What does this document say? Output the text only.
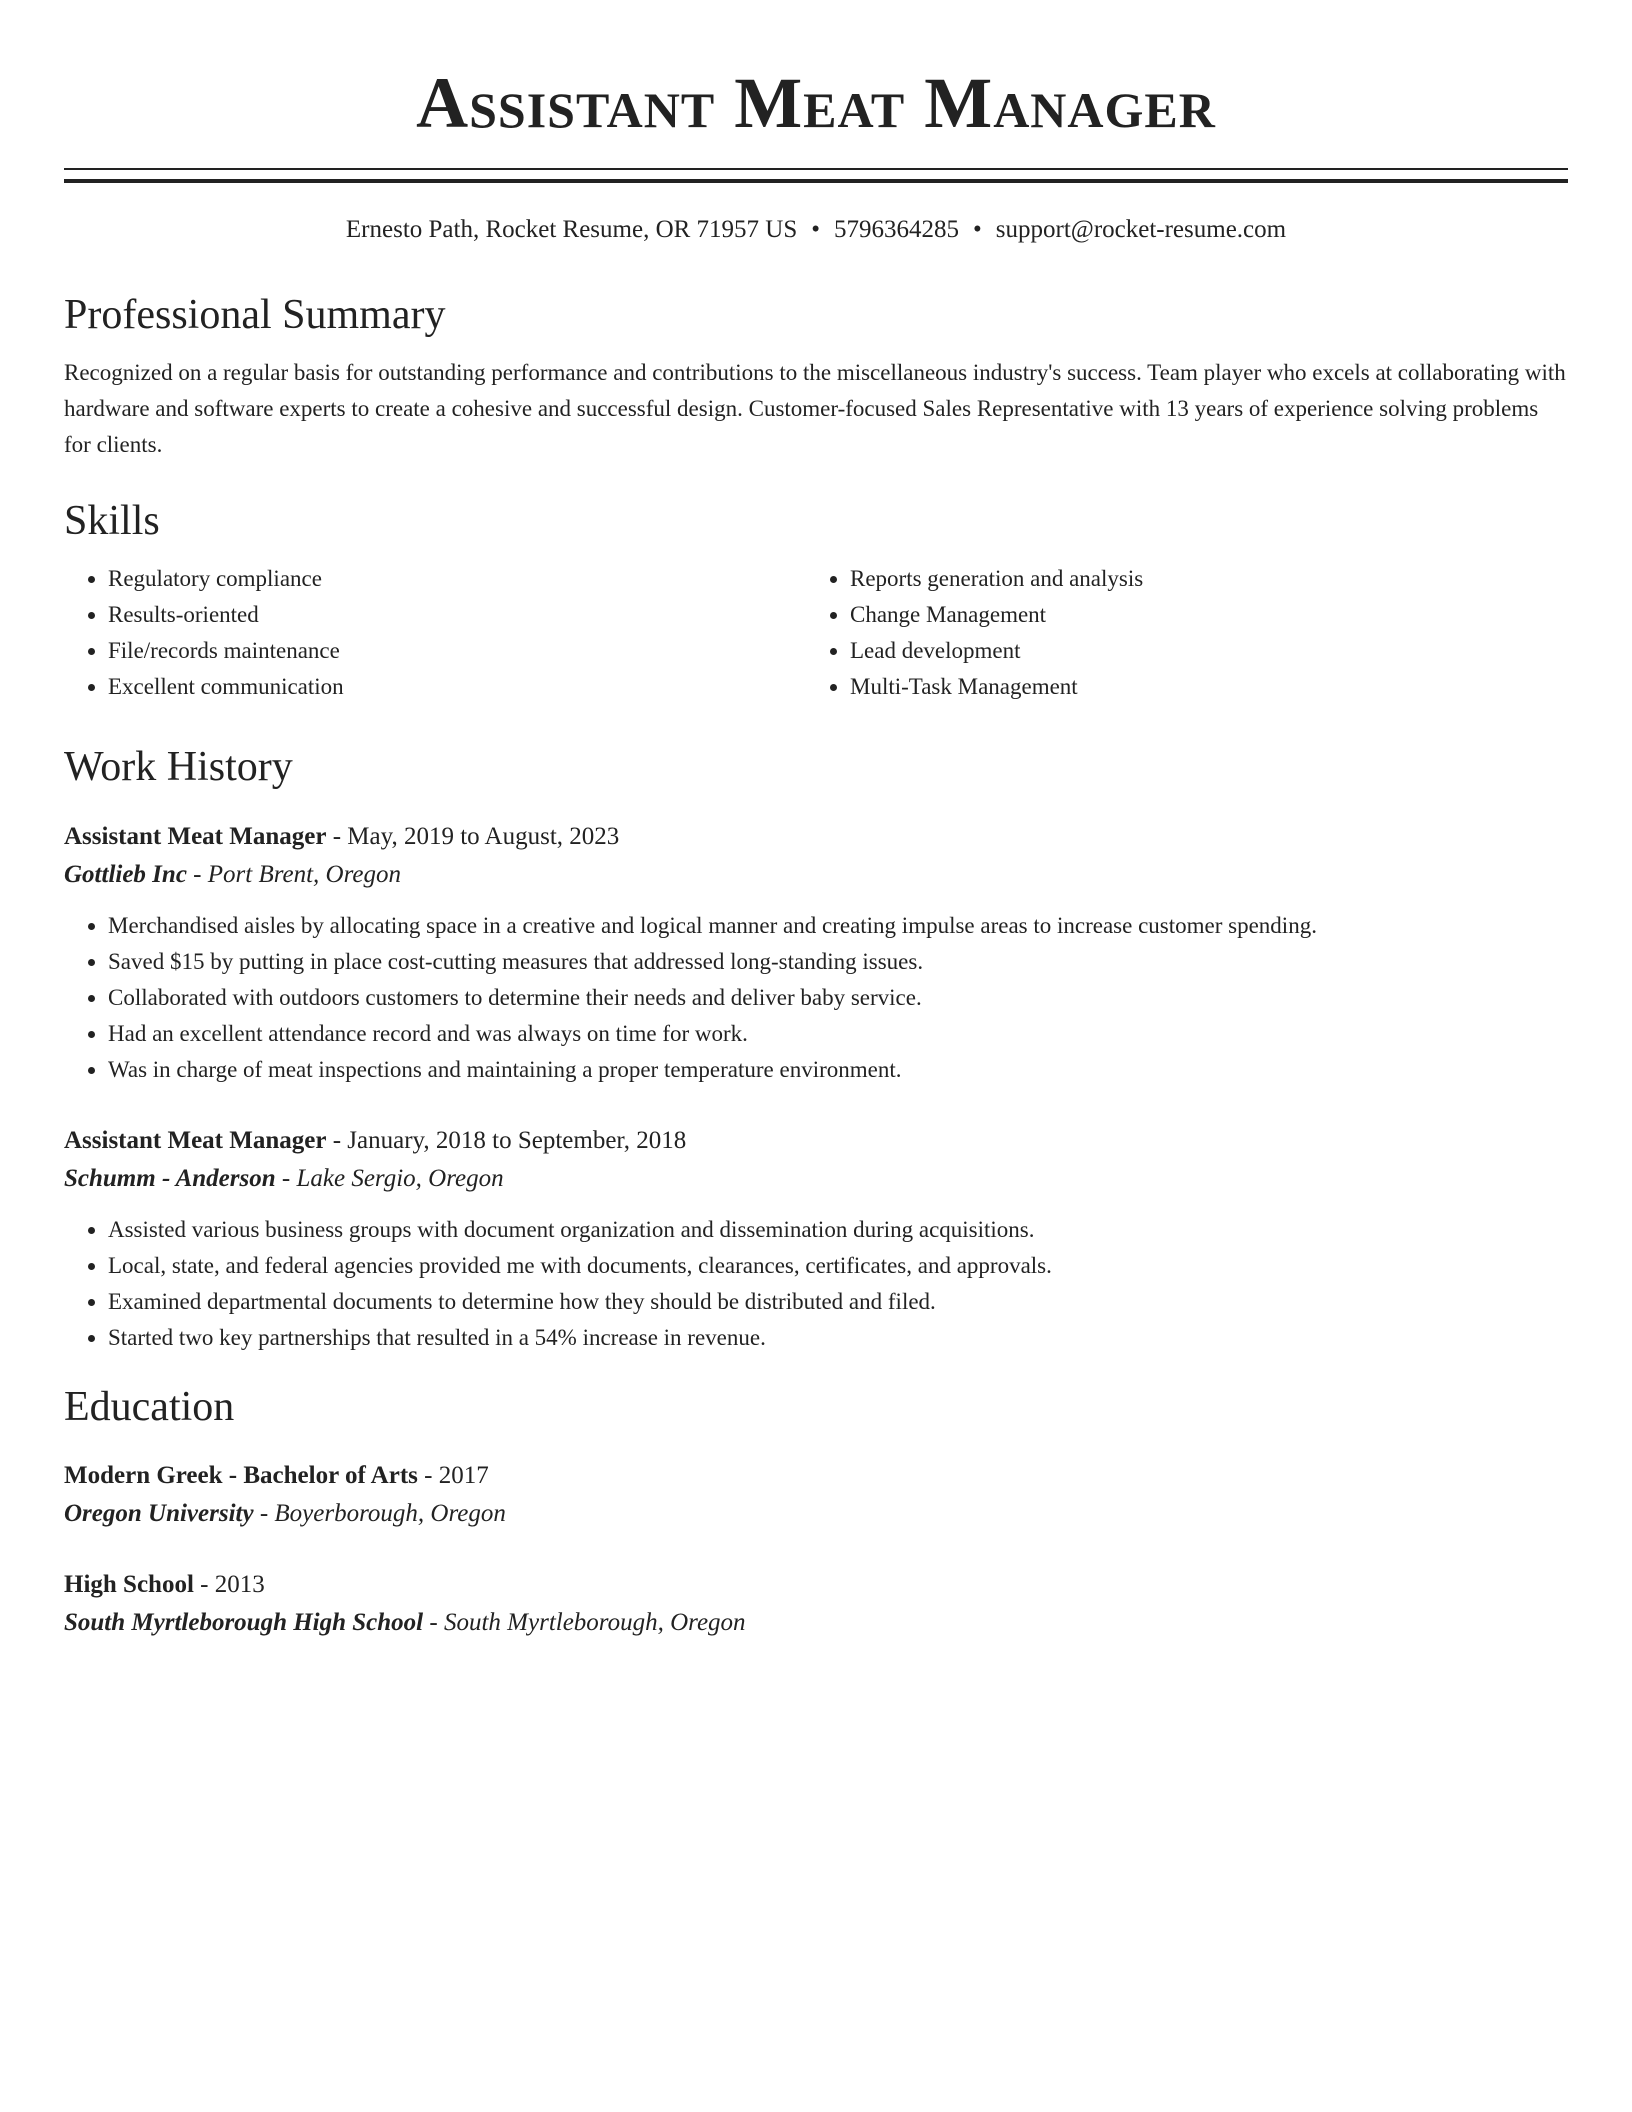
Assistant Meat Manager
Ernesto Path, Rocket Resume, OR 71957 US • 5796364285 • support@rocket-resume.com
Professional Summary

Recognized on a regular basis for outstanding performance and contributions to the miscellaneous industry's success. Team player who excels at collaborating with hardware and software experts to create a cohesive and successful design. Customer-focused Sales Representative with 13 years of experience solving problems for clients.

Skills
• Regulatory compliance
• Results-oriented
• File/records maintenance
• Excellent communication
• Reports generation and analysis
• Change Management
• Lead development
• Multi-Task Management
Work History

Assistant Meat Manager - May, 2019 to August, 2023

Gottlieb Inc - Port Brent, Oregon

• Merchandised aisles by allocating space in a creative and logical manner and creating impulse areas to increase customer spending.
• Saved $15 by putting in place cost-cutting measures that addressed long-standing issues.
• Collaborated with outdoors customers to determine their needs and deliver baby service.
• Had an excellent attendance record and was always on time for work.
• Was in charge of meat inspections and maintaining a proper temperature environment.

Assistant Meat Manager - January, 2018 to September, 2018

Schumm - Anderson - Lake Sergio, Oregon

• Assisted various business groups with document organization and dissemination during acquisitions.
• Local, state, and federal agencies provided me with documents, clearances, certificates, and approvals.
• Examined departmental documents to determine how they should be distributed and filed.
• Started two key partnerships that resulted in a 54% increase in revenue.
Education

Modern Greek - Bachelor of Arts - 2017

Oregon University - Boyerborough, Oregon

High School - 2013

South Myrtleborough High School - South Myrtleborough, Oregon
